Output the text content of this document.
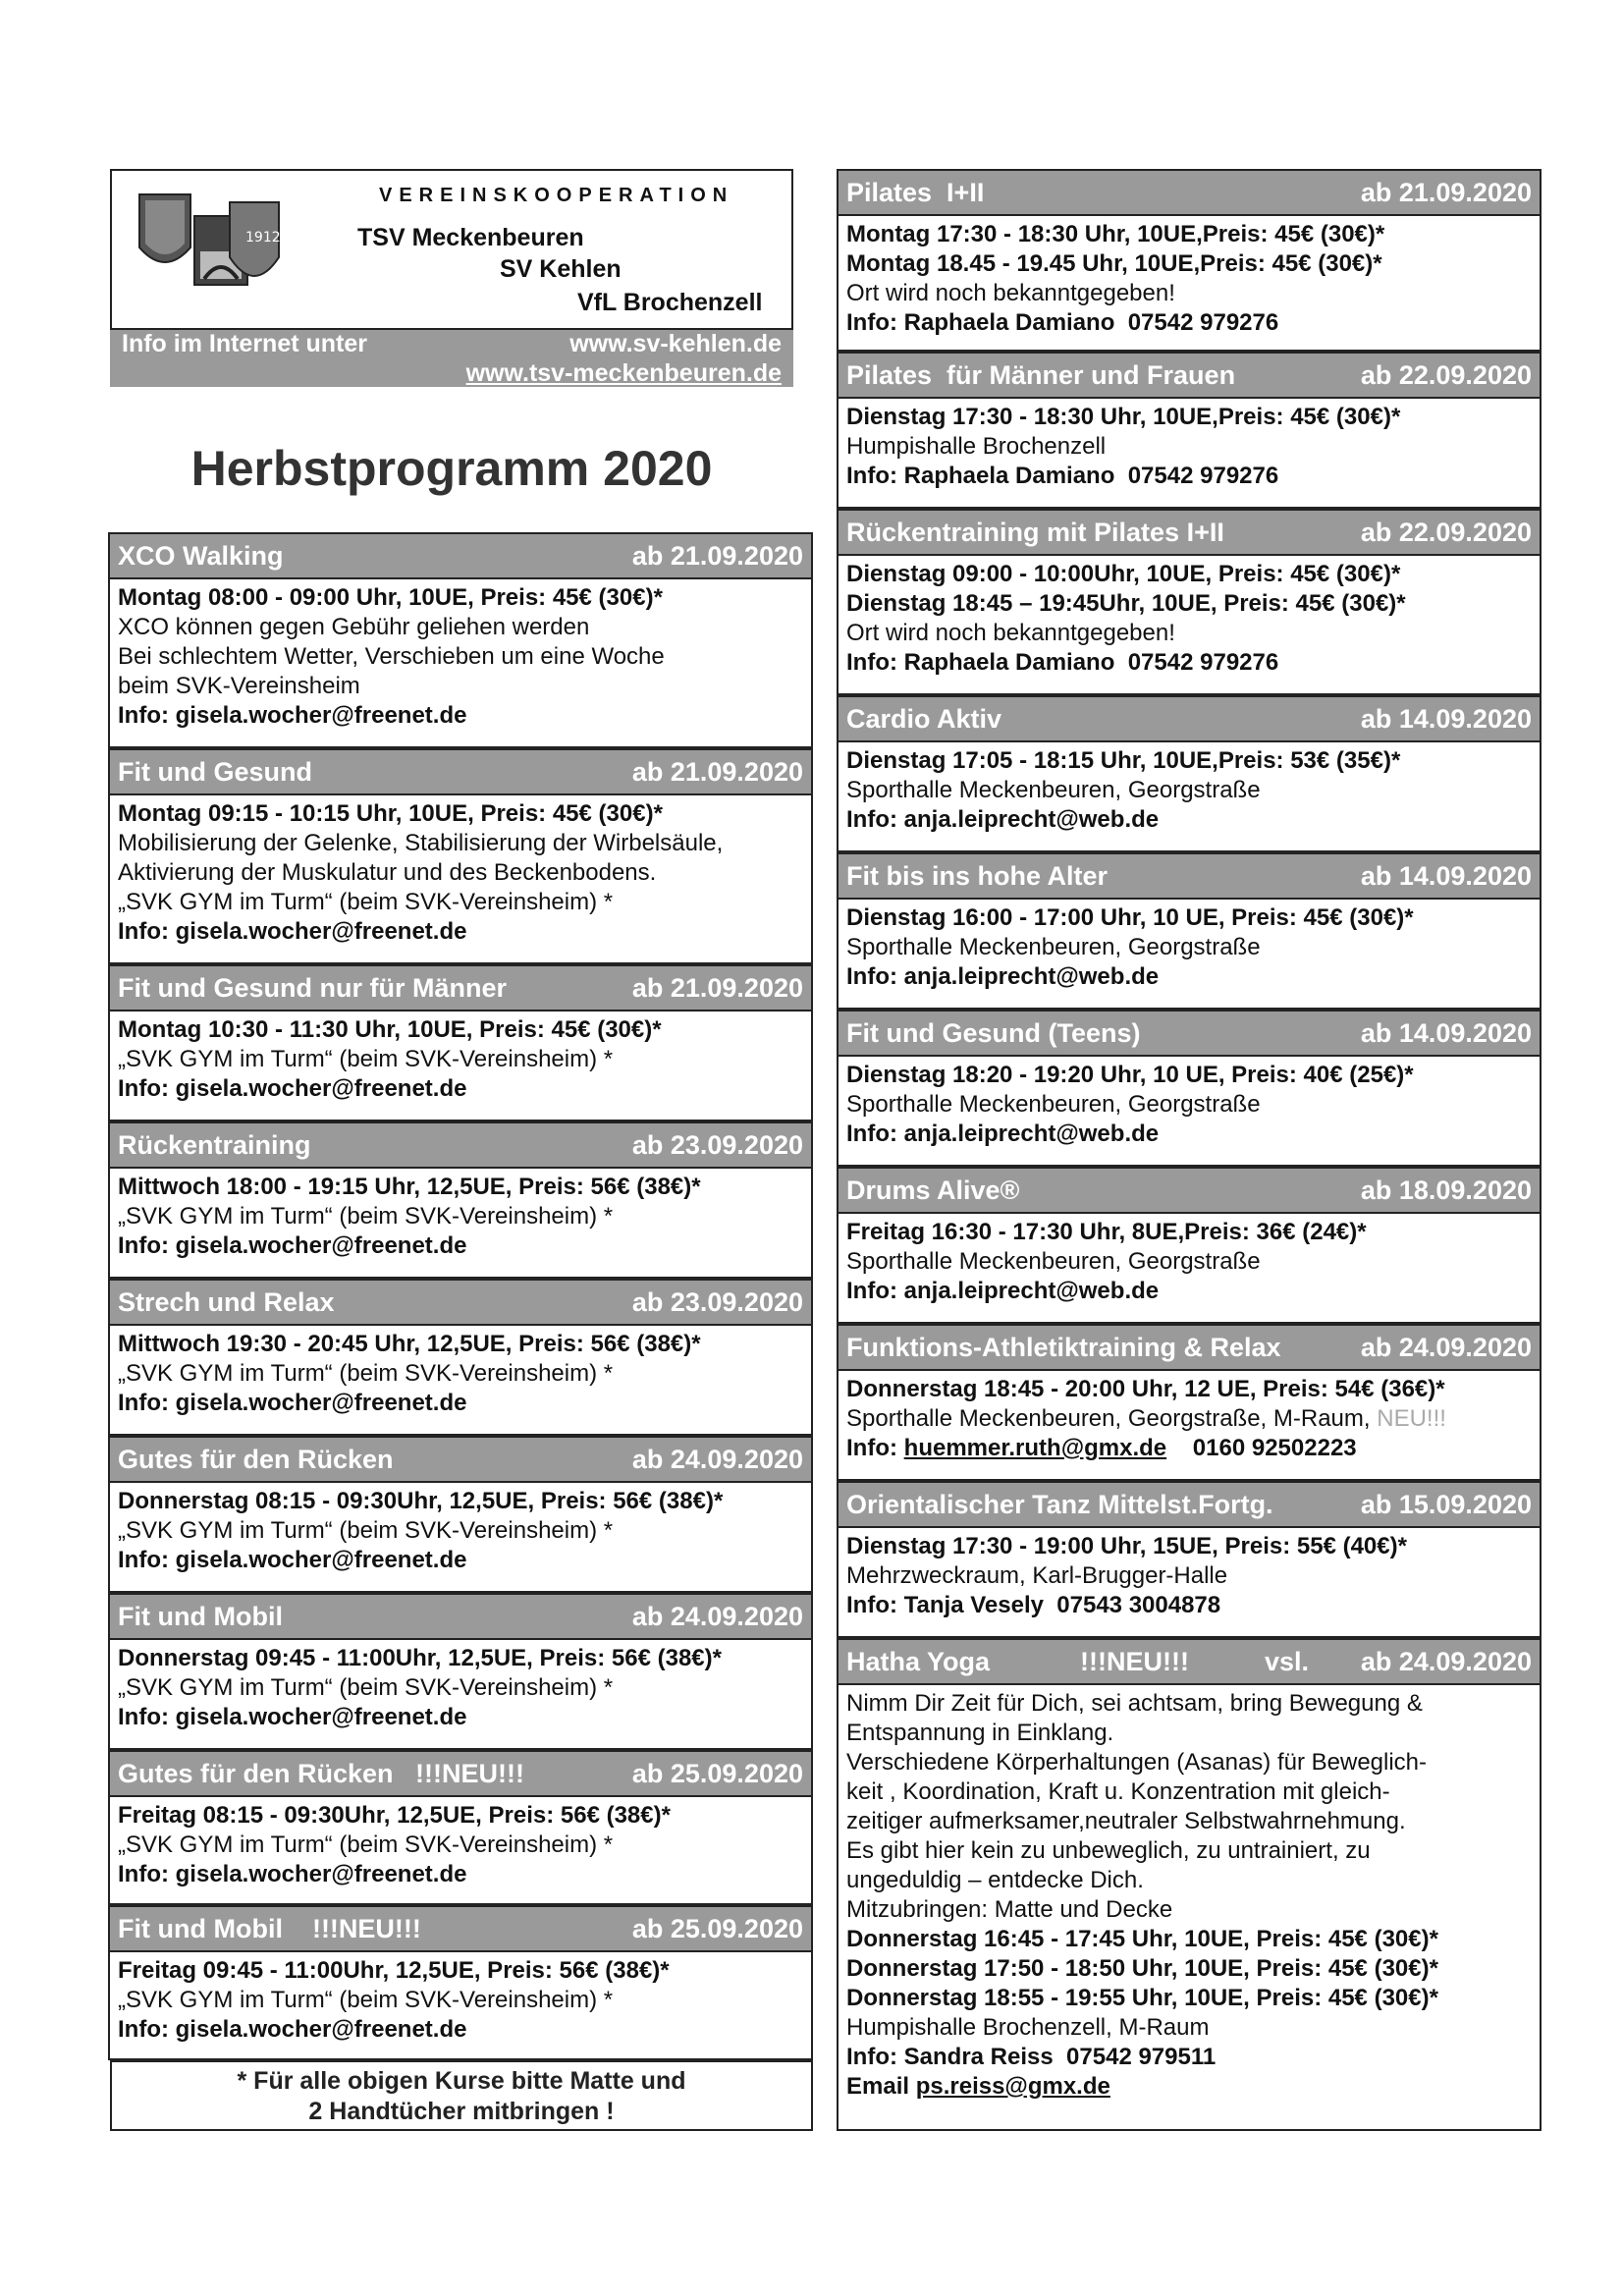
1912
VEREINSKOOPERATION
TSV Meckenbeuren
SV Kehlen
VfL Brochenzell
Info im Internet unter	www.sv-kehlen.de
www.tsv-meckenbeuren.de
Herbstprogramm 2020
XCO Walking	ab 21.09.2020
Montag 08:00 - 09:00 Uhr, 10UE, Preis: 45€ (30€)*
XCO können gegen Gebühr geliehen werden
Bei schlechtem Wetter, Verschieben um eine Woche
beim SVK-Vereinsheim
Info: gisela.wocher@freenet.de
Fit und Gesund	ab 21.09.2020
Montag 09:15 - 10:15 Uhr, 10UE, Preis: 45€ (30€)*
Mobilisierung der Gelenke, Stabilisierung der Wirbelsäule,
Aktivierung der Muskulatur und des Beckenbodens.
„SVK GYM im Turm“ (beim SVK-Vereinsheim) *
Info: gisela.wocher@freenet.de
Fit und Gesund nur für Männer	ab 21.09.2020
Montag 10:30 - 11:30 Uhr, 10UE, Preis: 45€ (30€)*
„SVK GYM im Turm“ (beim SVK-Vereinsheim) *
Info: gisela.wocher@freenet.de
Rückentraining	ab 23.09.2020
Mittwoch 18:00 - 19:15 Uhr, 12,5UE, Preis: 56€ (38€)*
„SVK GYM im Turm“ (beim SVK-Vereinsheim) *
Info: gisela.wocher@freenet.de
Strech und Relax	ab 23.09.2020
Mittwoch 19:30 - 20:45 Uhr, 12,5UE, Preis: 56€ (38€)*
„SVK GYM im Turm“ (beim SVK-Vereinsheim) *
Info: gisela.wocher@freenet.de
Gutes für den Rücken	ab 24.09.2020
Donnerstag 08:15 - 09:30Uhr, 12,5UE, Preis: 56€ (38€)*
„SVK GYM im Turm“ (beim SVK-Vereinsheim) *
Info: gisela.wocher@freenet.de
Fit und Mobil	ab 24.09.2020
Donnerstag 09:45 - 11:00Uhr, 12,5UE, Preis: 56€ (38€)*
„SVK GYM im Turm“ (beim SVK-Vereinsheim) *
Info: gisela.wocher@freenet.de
Gutes für den Rücken   !!!NEU!!!	ab 25.09.2020
Freitag 08:15 - 09:30Uhr, 12,5UE, Preis: 56€ (38€)*
„SVK GYM im Turm“ (beim SVK-Vereinsheim) *
Info: gisela.wocher@freenet.de
Fit und Mobil    !!!NEU!!!	ab 25.09.2020
Freitag 09:45 - 11:00Uhr, 12,5UE, Preis: 56€ (38€)*
„SVK GYM im Turm“ (beim SVK-Vereinsheim) *
Info: gisela.wocher@freenet.de
* Für alle obigen Kurse bitte Matte und
2 Handtücher mitbringen !
Pilates  I+II	ab 21.09.2020
Montag 17:30 - 18:30 Uhr, 10UE,Preis: 45€ (30€)*
Montag 18.45 - 19.45 Uhr, 10UE,Preis: 45€ (30€)*
Ort wird noch bekanntgegeben!
Info: Raphaela Damiano  07542 979276
Pilates  für Männer und Frauen	ab 22.09.2020
Dienstag 17:30 - 18:30 Uhr, 10UE,Preis: 45€ (30€)*
Humpishalle Brochenzell
Info: Raphaela Damiano  07542 979276
Rückentraining mit Pilates I+II	ab 22.09.2020
Dienstag 09:00 - 10:00Uhr, 10UE, Preis: 45€ (30€)*
Dienstag 18:45 – 19:45Uhr, 10UE, Preis: 45€ (30€)*
Ort wird noch bekanntgegeben!
Info: Raphaela Damiano  07542 979276
Cardio Aktiv	ab 14.09.2020
Dienstag 17:05 - 18:15 Uhr, 10UE,Preis: 53€ (35€)*
Sporthalle Meckenbeuren, Georgstraße
Info: anja.leiprecht@web.de
Fit bis ins hohe Alter	ab 14.09.2020
Dienstag 16:00 - 17:00 Uhr, 10 UE, Preis: 45€ (30€)*
Sporthalle Meckenbeuren, Georgstraße
Info: anja.leiprecht@web.de
Fit und Gesund (Teens)	ab 14.09.2020
Dienstag 18:20 - 19:20 Uhr, 10 UE, Preis: 40€ (25€)*
Sporthalle Meckenbeuren, Georgstraße
Info: anja.leiprecht@web.de
Drums Alive®	ab 18.09.2020
Freitag 16:30 - 17:30 Uhr, 8UE,Preis: 36€ (24€)*
Sporthalle Meckenbeuren, Georgstraße
Info: anja.leiprecht@web.de
Funktions-Athletiktraining & Relax	ab 24.09.2020
Donnerstag 18:45 - 20:00 Uhr, 12 UE, Preis: 54€ (36€)*
Sporthalle Meckenbeuren, Georgstraße, M-Raum, NEU!!!
Info: huemmer.ruth@gmx.de 0160 92502223
Orientalischer Tanz Mittelst.Fortg.	ab 15.09.2020
Dienstag 17:30 - 19:00 Uhr, 15UE, Preis: 55€ (40€)*
Mehrzweckraum, Karl-Brugger-Halle
Info: Tanja Vesely  07543 3004878
Hatha Yoga	!!!NEU!!!	vsl. ab 24.09.2020
Nimm Dir Zeit für Dich, sei achtsam, bring Bewegung &
Entspannung in Einklang.
Verschiedene Körperhaltungen (Asanas) für Beweglich-
keit , Koordination, Kraft u. Konzentration mit gleich-
zeitiger aufmerksamer,neutraler Selbstwahrnehmung.
Es gibt hier kein zu unbeweglich, zu untrainiert, zu
ungeduldig – entdecke Dich.
Mitzubringen: Matte und Decke
Donnerstag 16:45 - 17:45 Uhr, 10UE, Preis: 45€ (30€)*
Donnerstag 17:50 - 18:50 Uhr, 10UE, Preis: 45€ (30€)*
Donnerstag 18:55 - 19:55 Uhr, 10UE, Preis: 45€ (30€)*
Humpishalle Brochenzell, M-Raum
Info: Sandra Reiss  07542 979511
Email ps.reiss@gmx.de
